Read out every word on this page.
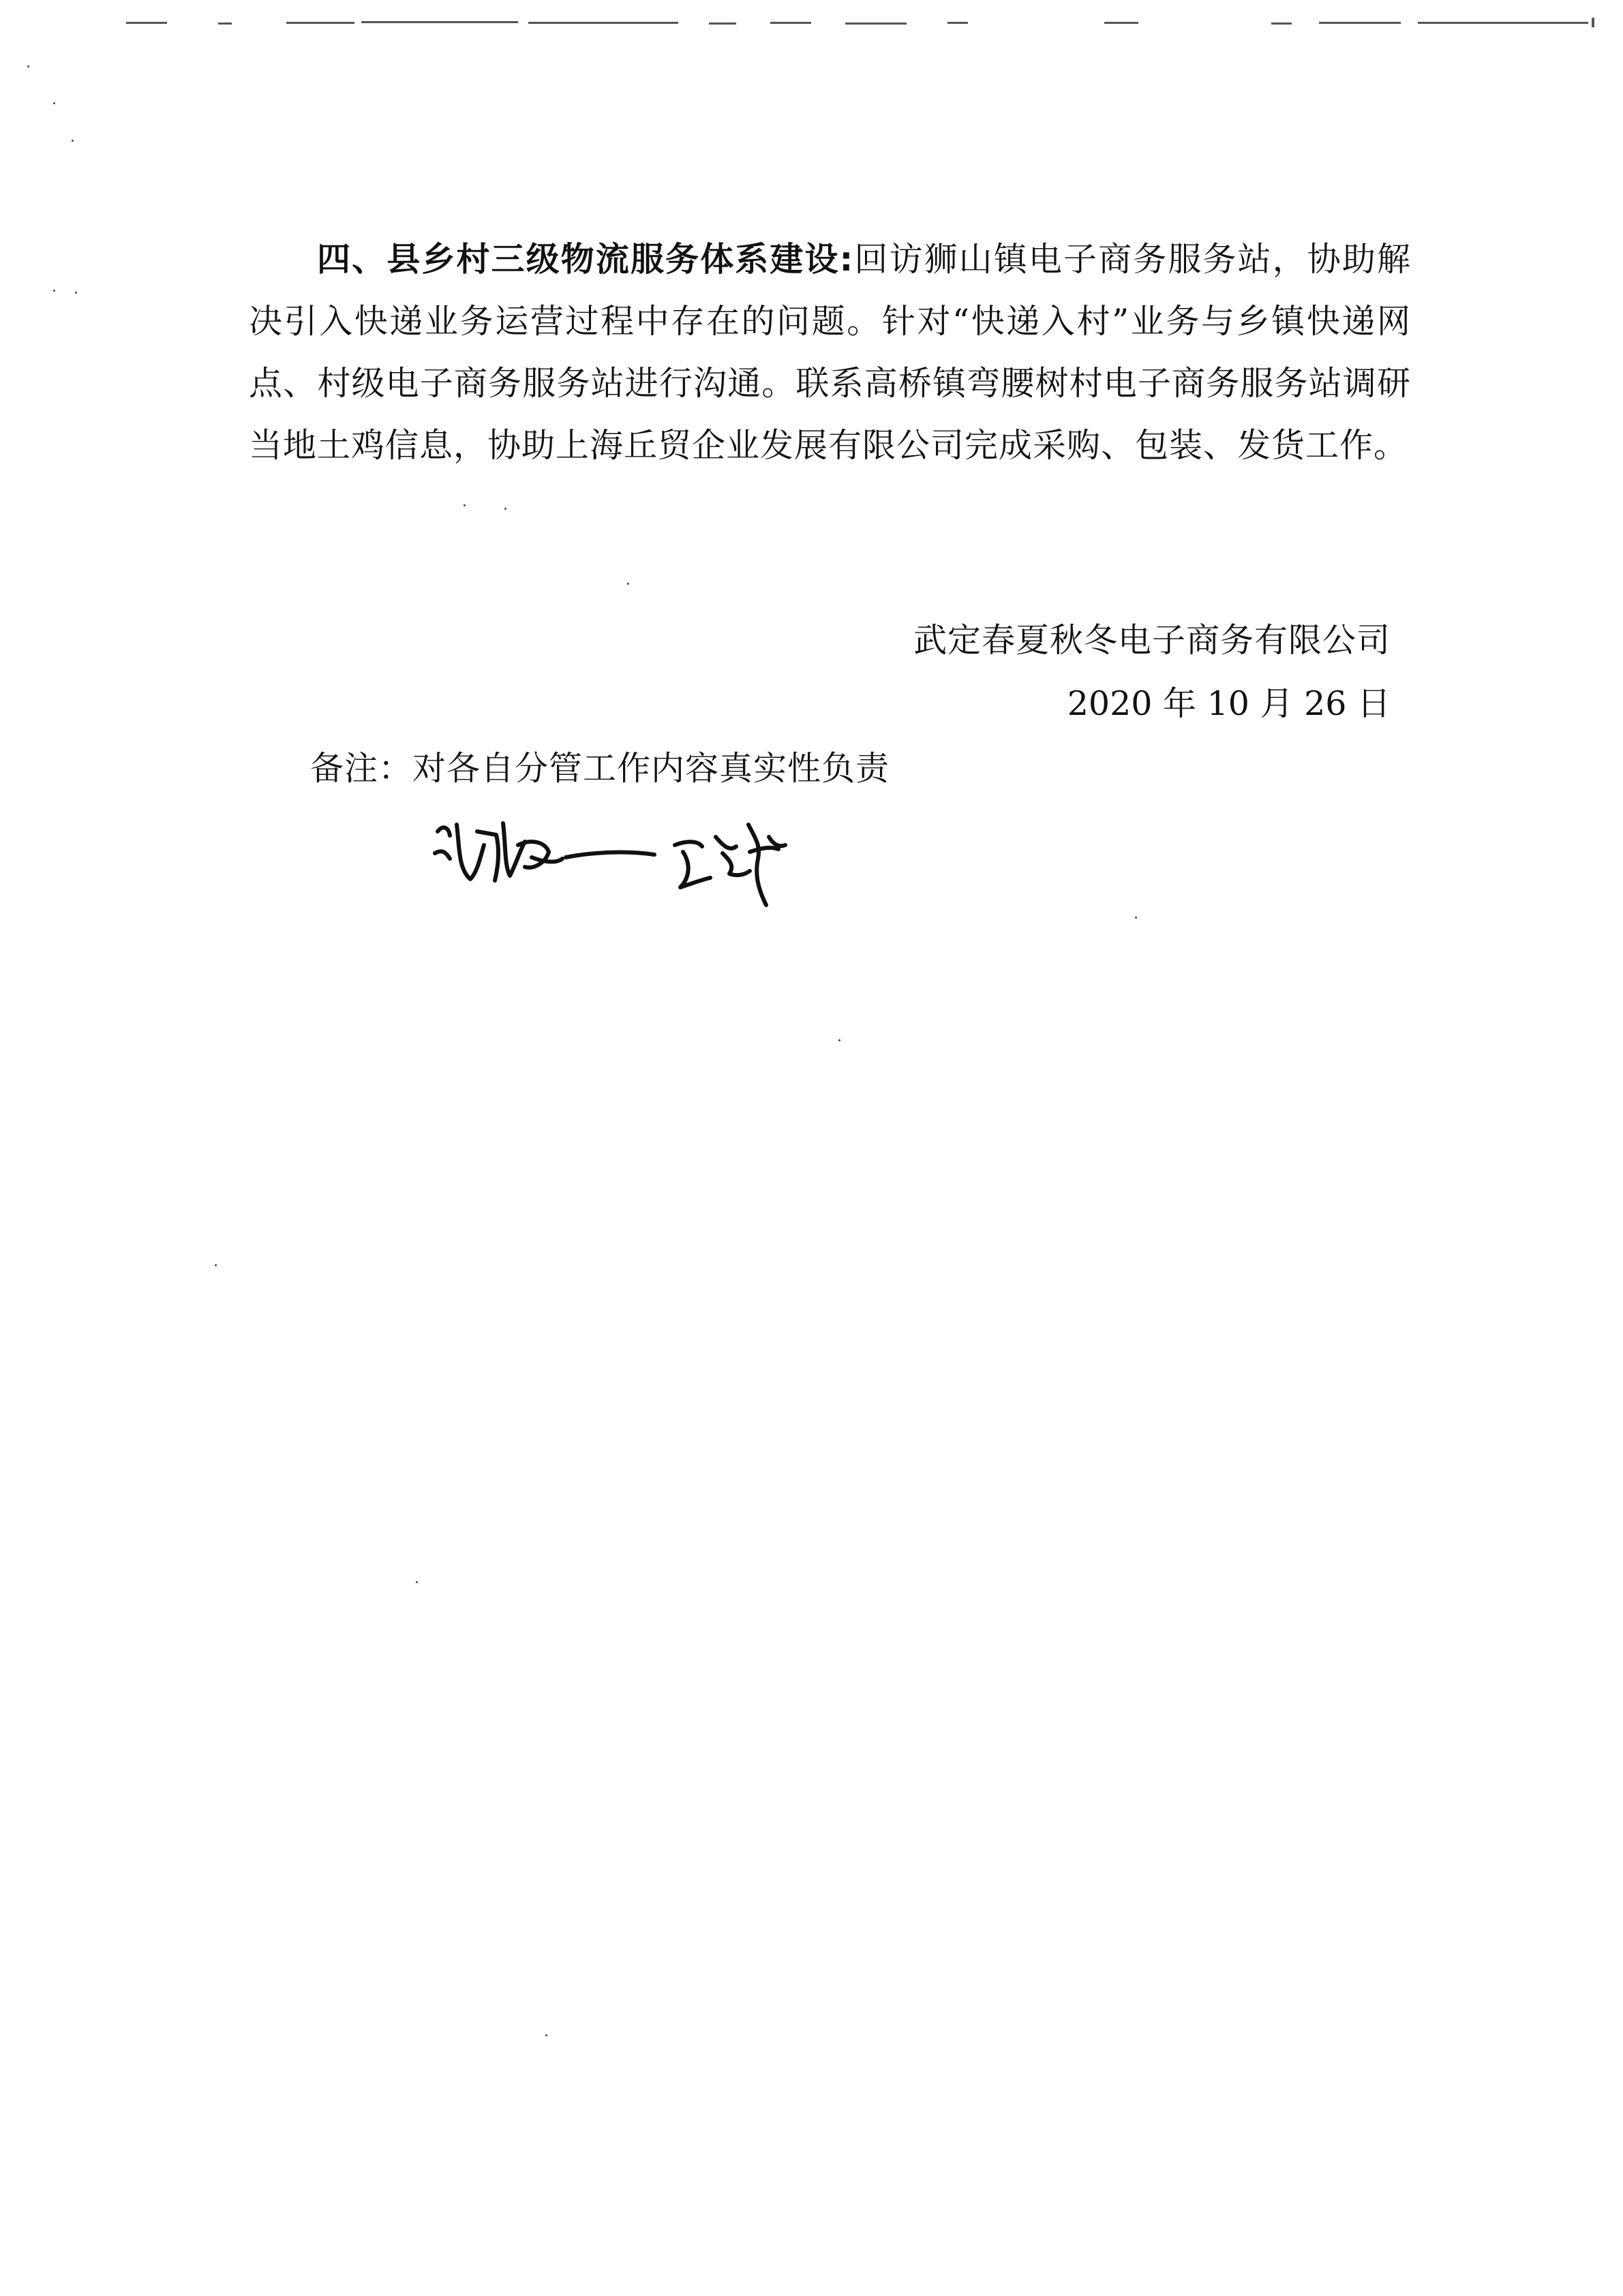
四、县乡村三级物流服务体系建设:回访狮山镇电子商务服务站，协助解决引入快递业务运营过程中存在的问题。针对“快递入村”业务与乡镇快递网点、村级电子商务服务站进行沟通。联系高桥镇弯腰树村电子商务服务站调研当地土鸡信息，协助上海丘贸企业发展有限公司完成采购、包装、发货工作。
武定春夏秋冬电子商务有限公司
2020 年 10 月 26 日
备注：对各自分管工作内容真实性负责
